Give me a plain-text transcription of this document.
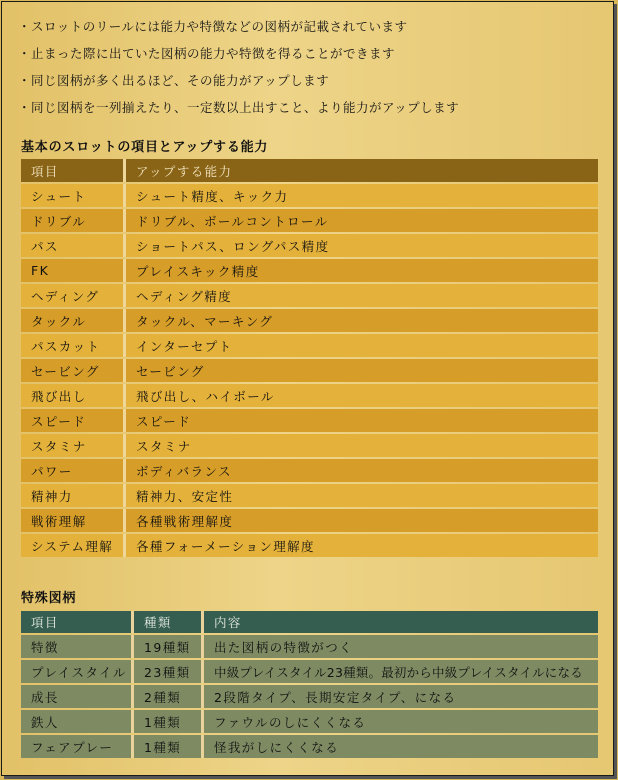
・スロットのリールには能力や特徴などの図柄が記載されています
・止まった際に出ていた図柄の能力や特徴を得ることができます
・同じ図柄が多く出るほど、その能力がアップします
・同じ図柄を一列揃えたり、一定数以上出すこと、より能力がアップします
基本のスロットの項目とアップする能力
項目	アップする能力
シュート	シュート精度、キック力
ドリブル	ドリブル、ボールコントロール
パス	ショートパス、ロングパス精度
FK	プレイスキック精度
ヘディング	ヘディング精度
タックル	タックル、マーキング
パスカット	インターセプト
セービング	セービング
飛び出し	飛び出し、ハイボール
スピード	スピード
スタミナ	スタミナ
パワー	ボディバランス
精神力	精神力、安定性
戦術理解	各種戦術理解度
システム理解	各種フォーメーション理解度
特殊図柄
項目	種類	内容
特徴	19種類	出た図柄の特徴がつく
プレイスタイル	23種類	中級プレイスタイル23種類。最初から中級プレイスタイルになる
成長	2種類	2段階タイプ、長期安定タイプ、になる
鉄人	1種類	ファウルのしにくくなる
フェアプレー	1種類	怪我がしにくくなる
